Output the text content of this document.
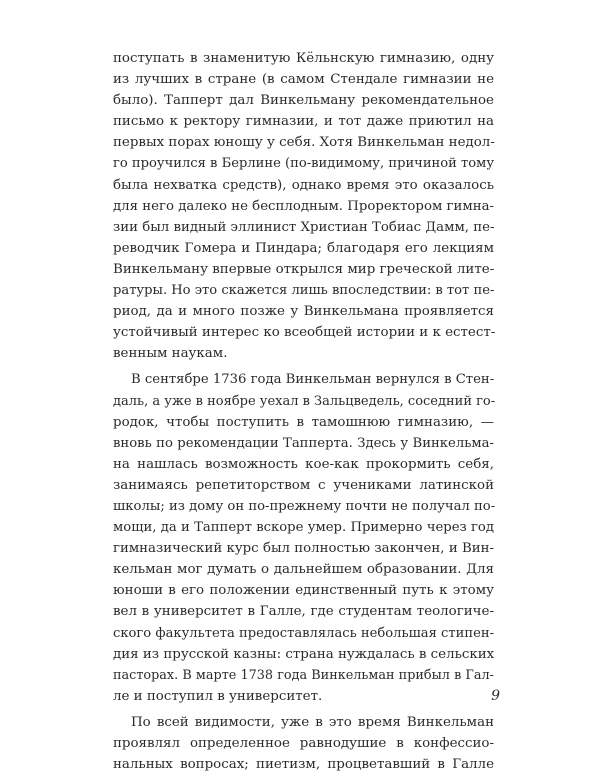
поступать в знаменитую Кёльнскую гимназию, одну
из лучших в стране (в самом Стендале гимназии не
было). Тапперт дал Винкельману рекомендательное
письмо к ректору гимназии, и тот даже приютил на
первых порах юношу у себя. Хотя Винкельман недол-
го проучился в Берлине (по-видимому, причиной тому
была нехватка средств), однако время это оказалось
для него далеко не бесплодным. Проректором гимна-
зии был видный эллинист Христиан Тобиас Дамм, пе-
реводчик Гомера и Пиндара; благодаря его лекциям
Винкельману впервые открылся мир греческой лите-
ратуры. Но это скажется лишь впоследствии: в тот пе-
риод, да и много позже у Винкельмана проявляется
устойчивый интерес ко всеобщей истории и к естест-
венным наукам.
В сентябре 1736 года Винкельман вернулся в Стен-
даль, а уже в ноябре уехал в Зальцведель, соседний го-
родок, чтобы поступить в тамошнюю гимназию, —
вновь по рекомендации Тапперта. Здесь у Винкельма-
на нашлась возможность кое-как прокормить себя,
занимаясь репетиторством с учениками латинской
школы; из дому он по-прежнему почти не получал по-
мощи, да и Тапперт вскоре умер. Примерно через год
гимназический курс был полностью закончен, и Вин-
кельман мог думать о дальнейшем образовании. Для
юноши в его положении единственный путь к этому
вел в университет в Галле, где студентам теологиче-
ского факультета предоставлялась небольшая стипен-
дия из прусской казны: страна нуждалась в сельских
пасторах. В марте 1738 года Винкельман прибыл в Гал-
ле и поступил в университет.
По всей видимости, уже в это время Винкельман
проявлял определенное равнодушие в конфессио-
нальных вопросах; пиетизм, процветавший в Галле
9
